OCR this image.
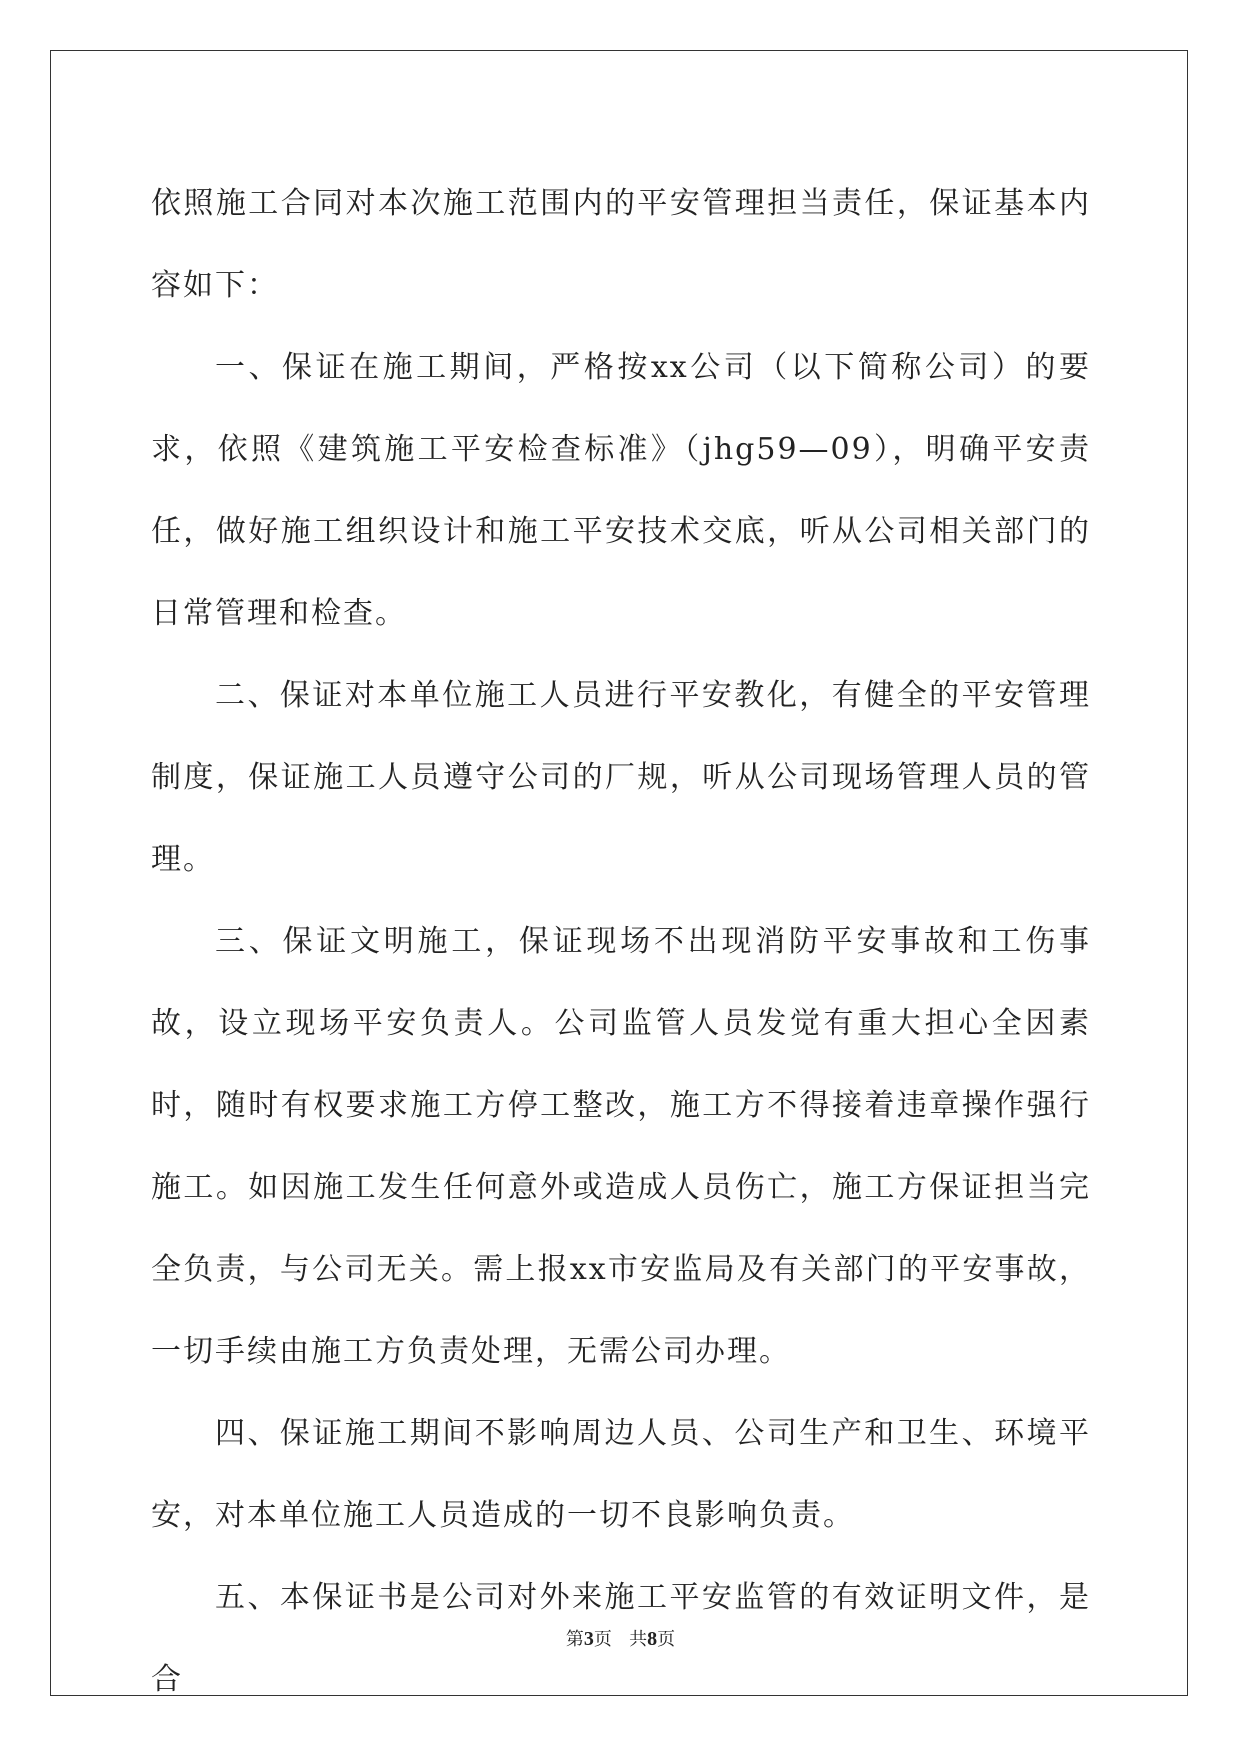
依照施工合同对本次施工范围内的平安管理担当责任，保证基本内容如下：

一、保证在施工期间，严格按xx公司（以下简称公司）的要求，依照《建筑施工平安检查标准》（jhg59—09），明确平安责任，做好施工组织设计和施工平安技术交底，听从公司相关部门的日常管理和检查。

二、保证对本单位施工人员进行平安教化，有健全的平安管理制度，保证施工人员遵守公司的厂规，听从公司现场管理人员的管理。

三、保证文明施工，保证现场不出现消防平安事故和工伤事故，设立现场平安负责人。公司监管人员发觉有重大担心全因素时，随时有权要求施工方停工整改，施工方不得接着违章操作强行施工。如因施工发生任何意外或造成人员伤亡，施工方保证担当完全负责，与公司无关。需上报xx市安监局及有关部门的平安事故，一切手续由施工方负责处理，无需公司办理。

四、保证施工期间不影响周边人员、公司生产和卫生、环境平安，对本单位施工人员造成的一切不良影响负责。

五、本保证书是公司对外来施工平安监管的有效证明文件，是合

第3页 共8页
